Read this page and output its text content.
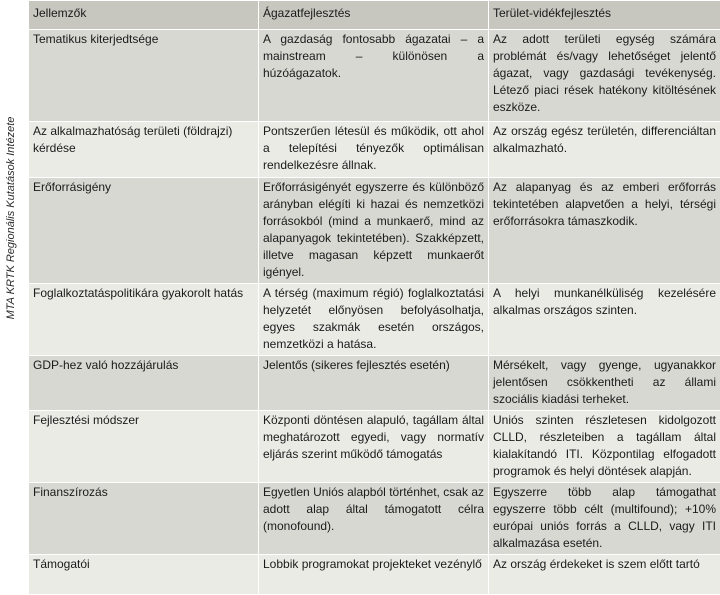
MTA KRTK Regionális Kutatások Intézete
Jellemzők	Ágazatfejlesztés	Terület-vidékfejlesztés
Tematikus kiterjedtsége	A gazdaság fontosabb ágazatai – a mainstream – különösen a húzóágazatok.	Az adott területi egység számára problémát és/vagy lehetőséget jelentő ágazat, vagy gazdasági tevékenység. Létező piaci rések hatékony kitöltésének eszköze.
Az alkalmazhatóság területi (földrajzi) kérdése	Pontszerűen létesül és működik, ott ahol a telepítési tényezők optimálisan rendelkezésre állnak.	Az ország egész területén, differenciáltan alkalmazható.
Erőforrásigény	Erőforrásigényét egyszerre és különböző arányban elégíti ki hazai és nemzetközi forrásokból (mind a munkaerő, mind az alapanyagok tekintetében). Szakképzett, illetve magasan képzett munkaerőt igényel.	Az alapanyag és az emberi erőforrás tekintetében alapvetően a helyi, térségi erőforrásokra támaszkodik.
Foglalkoztatáspolitikára gyakorolt hatás	A térség (maximum régió) foglalkoztatási helyzetét előnyösen befolyásolhatja, egyes szakmák esetén országos, nemzetközi a hatása.	A helyi munkanélküliség kezelésére alkalmas országos szinten.
GDP-hez való hozzájárulás	Jelentős (sikeres fejlesztés esetén)	Mérsékelt, vagy gyenge, ugyanakkor jelentősen csökkentheti az állami szociális kiadási terheket.
Fejlesztési módszer	Központi döntésen alapuló, tagállam által meghatározott egyedi, vagy normatív eljárás szerint működő támogatás	Uniós szinten részletesen kidolgozott CLLD, részleteiben a tagállam által kialakítandó ITI. Központilag elfogadott programok és helyi döntések alapján.
Finanszírozás	Egyetlen Uniós alapból történhet, csak az adott alap által támogatott célra (monofound).	Egyszerre több alap támogathat egyszerre több célt (multifound); +10% európai uniós forrás a CLLD, vagy ITI alkalmazása esetén.
Támogatói	Lobbik programokat projekteket vezénylő	Az ország érdekeket is szem előtt tartó
